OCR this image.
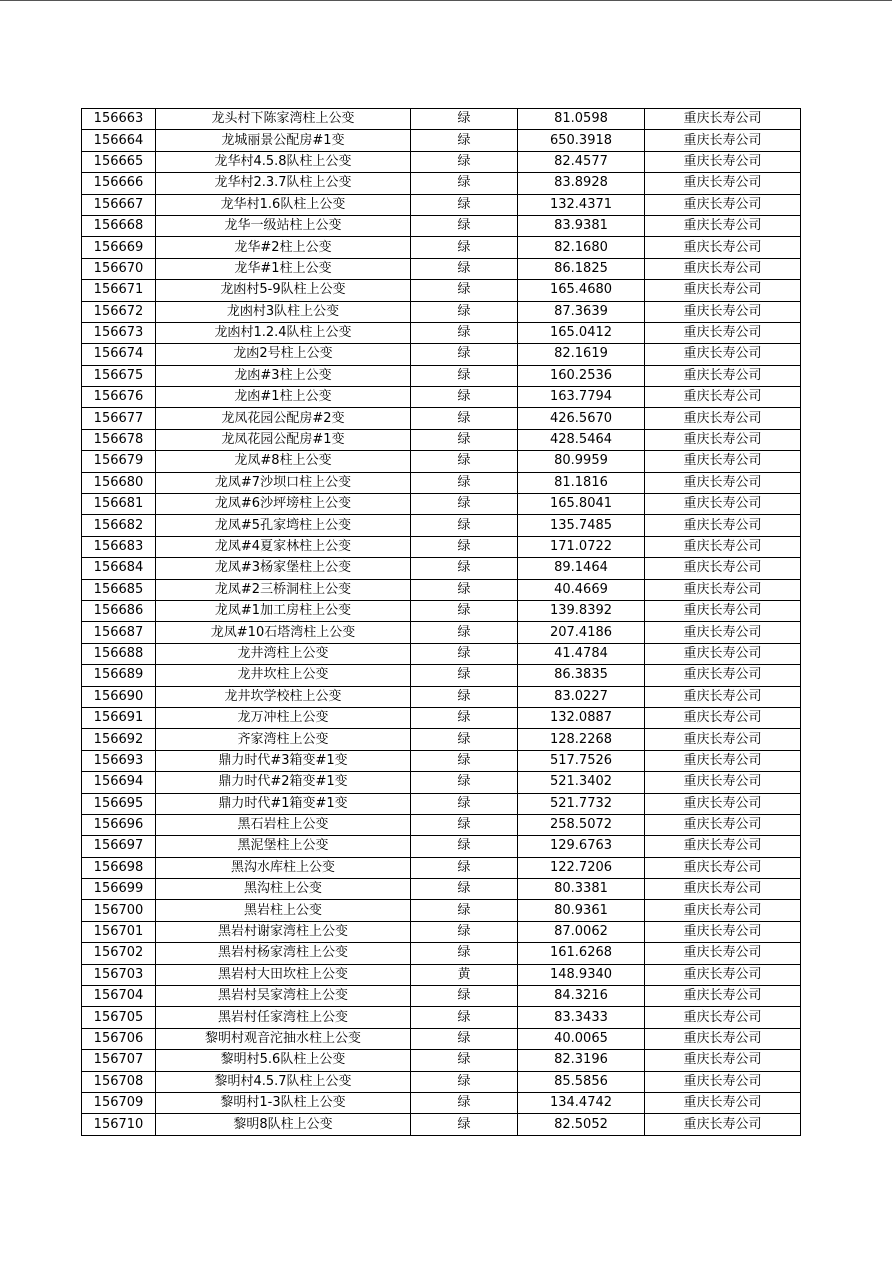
156663	龙头村下陈家湾柱上公变	绿	81.0598	重庆长寿公司
156664	龙城丽景公配房#1变	绿	650.3918	重庆长寿公司
156665	龙华村4.5.8队柱上公变	绿	82.4577	重庆长寿公司
156666	龙华村2.3.7队柱上公变	绿	83.8928	重庆长寿公司
156667	龙华村1.6队柱上公变	绿	132.4371	重庆长寿公司
156668	龙华一级站柱上公变	绿	83.9381	重庆长寿公司
156669	龙华#2柱上公变	绿	82.1680	重庆长寿公司
156670	龙华#1柱上公变	绿	86.1825	重庆长寿公司
156671	龙凼村5-9队柱上公变	绿	165.4680	重庆长寿公司
156672	龙凼村3队柱上公变	绿	87.3639	重庆长寿公司
156673	龙凼村1.2.4队柱上公变	绿	165.0412	重庆长寿公司
156674	龙凼2号柱上公变	绿	82.1619	重庆长寿公司
156675	龙凼#3柱上公变	绿	160.2536	重庆长寿公司
156676	龙凼#1柱上公变	绿	163.7794	重庆长寿公司
156677	龙凤花园公配房#2变	绿	426.5670	重庆长寿公司
156678	龙凤花园公配房#1变	绿	428.5464	重庆长寿公司
156679	龙凤#8柱上公变	绿	80.9959	重庆长寿公司
156680	龙凤#7沙坝口柱上公变	绿	81.1816	重庆长寿公司
156681	龙凤#6沙坪塝柱上公变	绿	165.8041	重庆长寿公司
156682	龙凤#5孔家塆柱上公变	绿	135.7485	重庆长寿公司
156683	龙凤#4夏家林柱上公变	绿	171.0722	重庆长寿公司
156684	龙凤#3杨家堡柱上公变	绿	89.1464	重庆长寿公司
156685	龙凤#2三桥洞柱上公变	绿	40.4669	重庆长寿公司
156686	龙凤#1加工房柱上公变	绿	139.8392	重庆长寿公司
156687	龙凤#10石塔湾柱上公变	绿	207.4186	重庆长寿公司
156688	龙井湾柱上公变	绿	41.4784	重庆长寿公司
156689	龙井坎柱上公变	绿	86.3835	重庆长寿公司
156690	龙井坎学校柱上公变	绿	83.0227	重庆长寿公司
156691	龙万冲柱上公变	绿	132.0887	重庆长寿公司
156692	齐家湾柱上公变	绿	128.2268	重庆长寿公司
156693	鼎力时代#3箱变#1变	绿	517.7526	重庆长寿公司
156694	鼎力时代#2箱变#1变	绿	521.3402	重庆长寿公司
156695	鼎力时代#1箱变#1变	绿	521.7732	重庆长寿公司
156696	黑石岩柱上公变	绿	258.5072	重庆长寿公司
156697	黑泥堡柱上公变	绿	129.6763	重庆长寿公司
156698	黑沟水库柱上公变	绿	122.7206	重庆长寿公司
156699	黑沟柱上公变	绿	80.3381	重庆长寿公司
156700	黑岩柱上公变	绿	80.9361	重庆长寿公司
156701	黑岩村谢家湾柱上公变	绿	87.0062	重庆长寿公司
156702	黑岩村杨家湾柱上公变	绿	161.6268	重庆长寿公司
156703	黑岩村大田坎柱上公变	黄	148.9340	重庆长寿公司
156704	黑岩村吴家湾柱上公变	绿	84.3216	重庆长寿公司
156705	黑岩村任家湾柱上公变	绿	83.3433	重庆长寿公司
156706	黎明村观音沱抽水柱上公变	绿	40.0065	重庆长寿公司
156707	黎明村5.6队柱上公变	绿	82.3196	重庆长寿公司
156708	黎明村4.5.7队柱上公变	绿	85.5856	重庆长寿公司
156709	黎明村1-3队柱上公变	绿	134.4742	重庆长寿公司
156710	黎明8队柱上公变	绿	82.5052	重庆长寿公司
